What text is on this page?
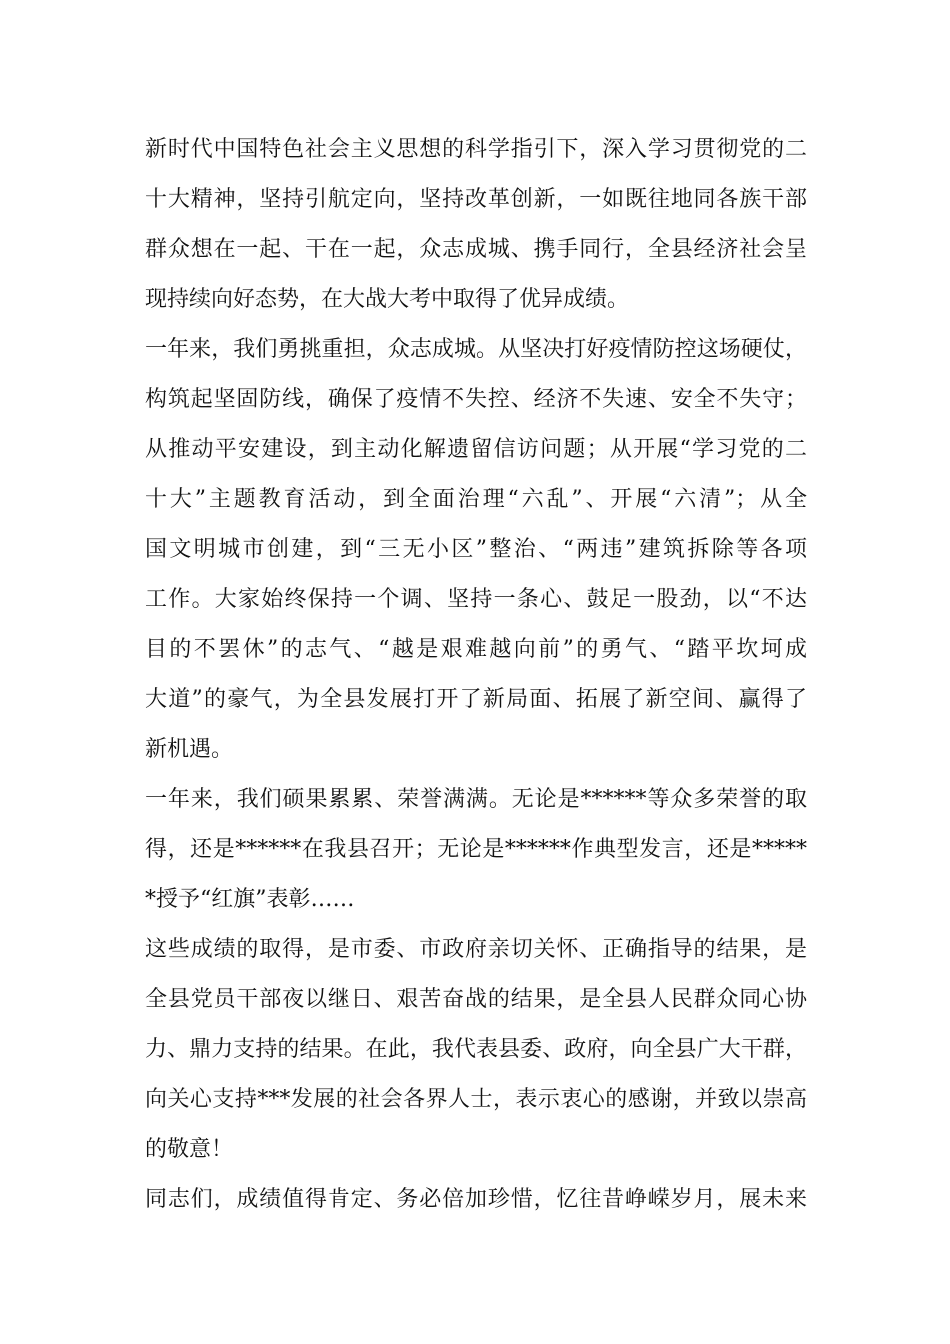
新时代中国特色社会主义思想的科学指引下，深入学习贯彻党的二
十大精神，坚持引航定向，坚持改革创新，一如既往地同各族干部
群众想在一起、干在一起，众志成城、携手同行，全县经济社会呈
现持续向好态势，在大战大考中取得了优异成绩。
一年来，我们勇挑重担，众志成城。从坚决打好疫情防控这场硬仗，
构筑起坚固防线，确保了疫情不失控、经济不失速、安全不失守；
从推动平安建设，到主动化解遗留信访问题；从开展“学习党的二
十大”主题教育活动，到全面治理“六乱”、开展“六清”；从全
国文明城市创建，到“三无小区”整治、“两违”建筑拆除等各项
工作。大家始终保持一个调、坚持一条心、鼓足一股劲，以“不达
目的不罢休”的志气、“越是艰难越向前”的勇气、“踏平坎坷成
大道”的豪气，为全县发展打开了新局面、拓展了新空间、赢得了
新机遇。
一年来，我们硕果累累、荣誉满满。无论是******等众多荣誉的取
得，还是******在我县召开；无论是******作典型发言，还是*****
*授予“红旗”表彰……
这些成绩的取得，是市委、市政府亲切关怀、正确指导的结果，是
全县党员干部夜以继日、艰苦奋战的结果，是全县人民群众同心协
力、鼎力支持的结果。在此，我代表县委、政府，向全县广大干群，
向关心支持***发展的社会各界人士，表示衷心的感谢，并致以崇高
的敬意！
同志们，成绩值得肯定、务必倍加珍惜，忆往昔峥嵘岁月，展未来
